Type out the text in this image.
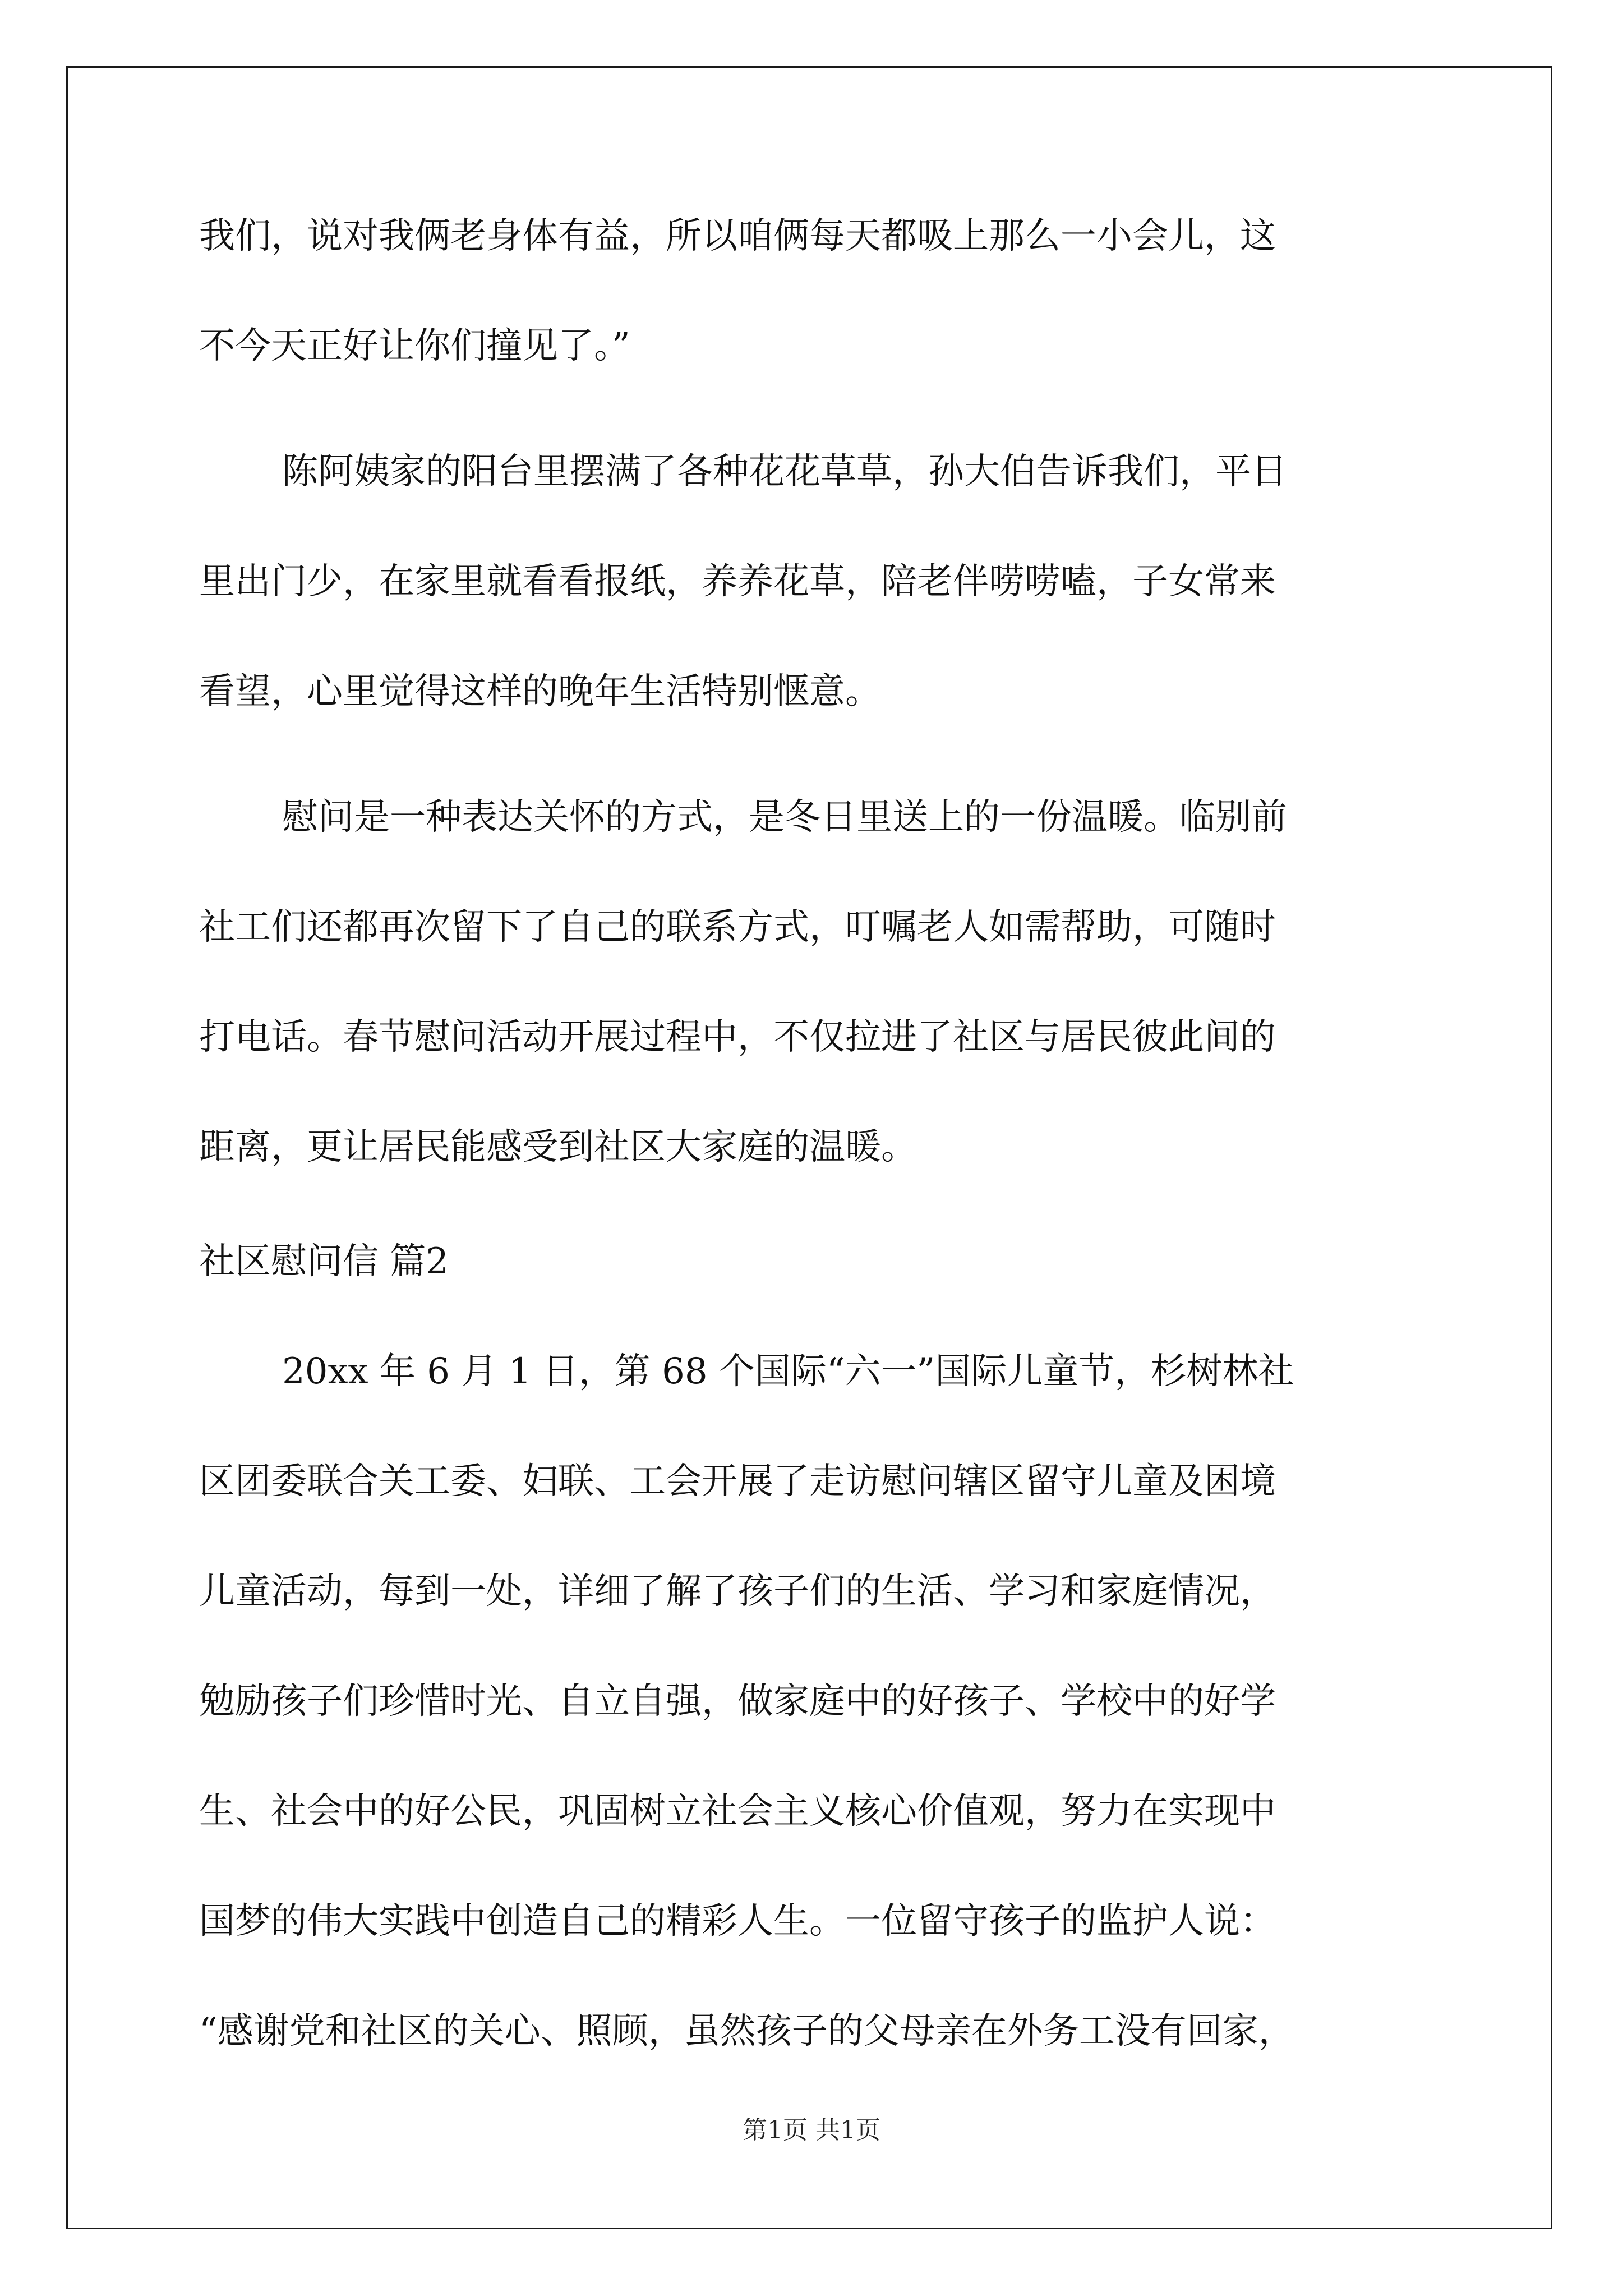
我们，说对我俩老身体有益，所以咱俩每天都吸上那么一小会儿，这
不今天正好让你们撞见了。”
陈阿姨家的阳台里摆满了各种花花草草，孙大伯告诉我们，平日
里出门少，在家里就看看报纸，养养花草，陪老伴唠唠嗑，子女常来
看望，心里觉得这样的晚年生活特别惬意。
慰问是一种表达关怀的方式，是冬日里送上的一份温暖。临别前
社工们还都再次留下了自己的联系方式，叮嘱老人如需帮助，可随时
打电话。春节慰问活动开展过程中，不仅拉进了社区与居民彼此间的
距离，更让居民能感受到社区大家庭的温暖。
社区慰问信 篇2
20xx 年 6 月 1 日，第 68 个国际“六一”国际儿童节，杉树林社
区团委联合关工委、妇联、工会开展了走访慰问辖区留守儿童及困境
儿童活动，每到一处，详细了解了孩子们的生活、学习和家庭情况，
勉励孩子们珍惜时光、自立自强，做家庭中的好孩子、学校中的好学
生、社会中的好公民，巩固树立社会主义核心价值观，努力在实现中
国梦的伟大实践中创造自己的精彩人生。一位留守孩子的监护人说：
“感谢党和社区的关心、照顾，虽然孩子的父母亲在外务工没有回家，
第1页 共1页
